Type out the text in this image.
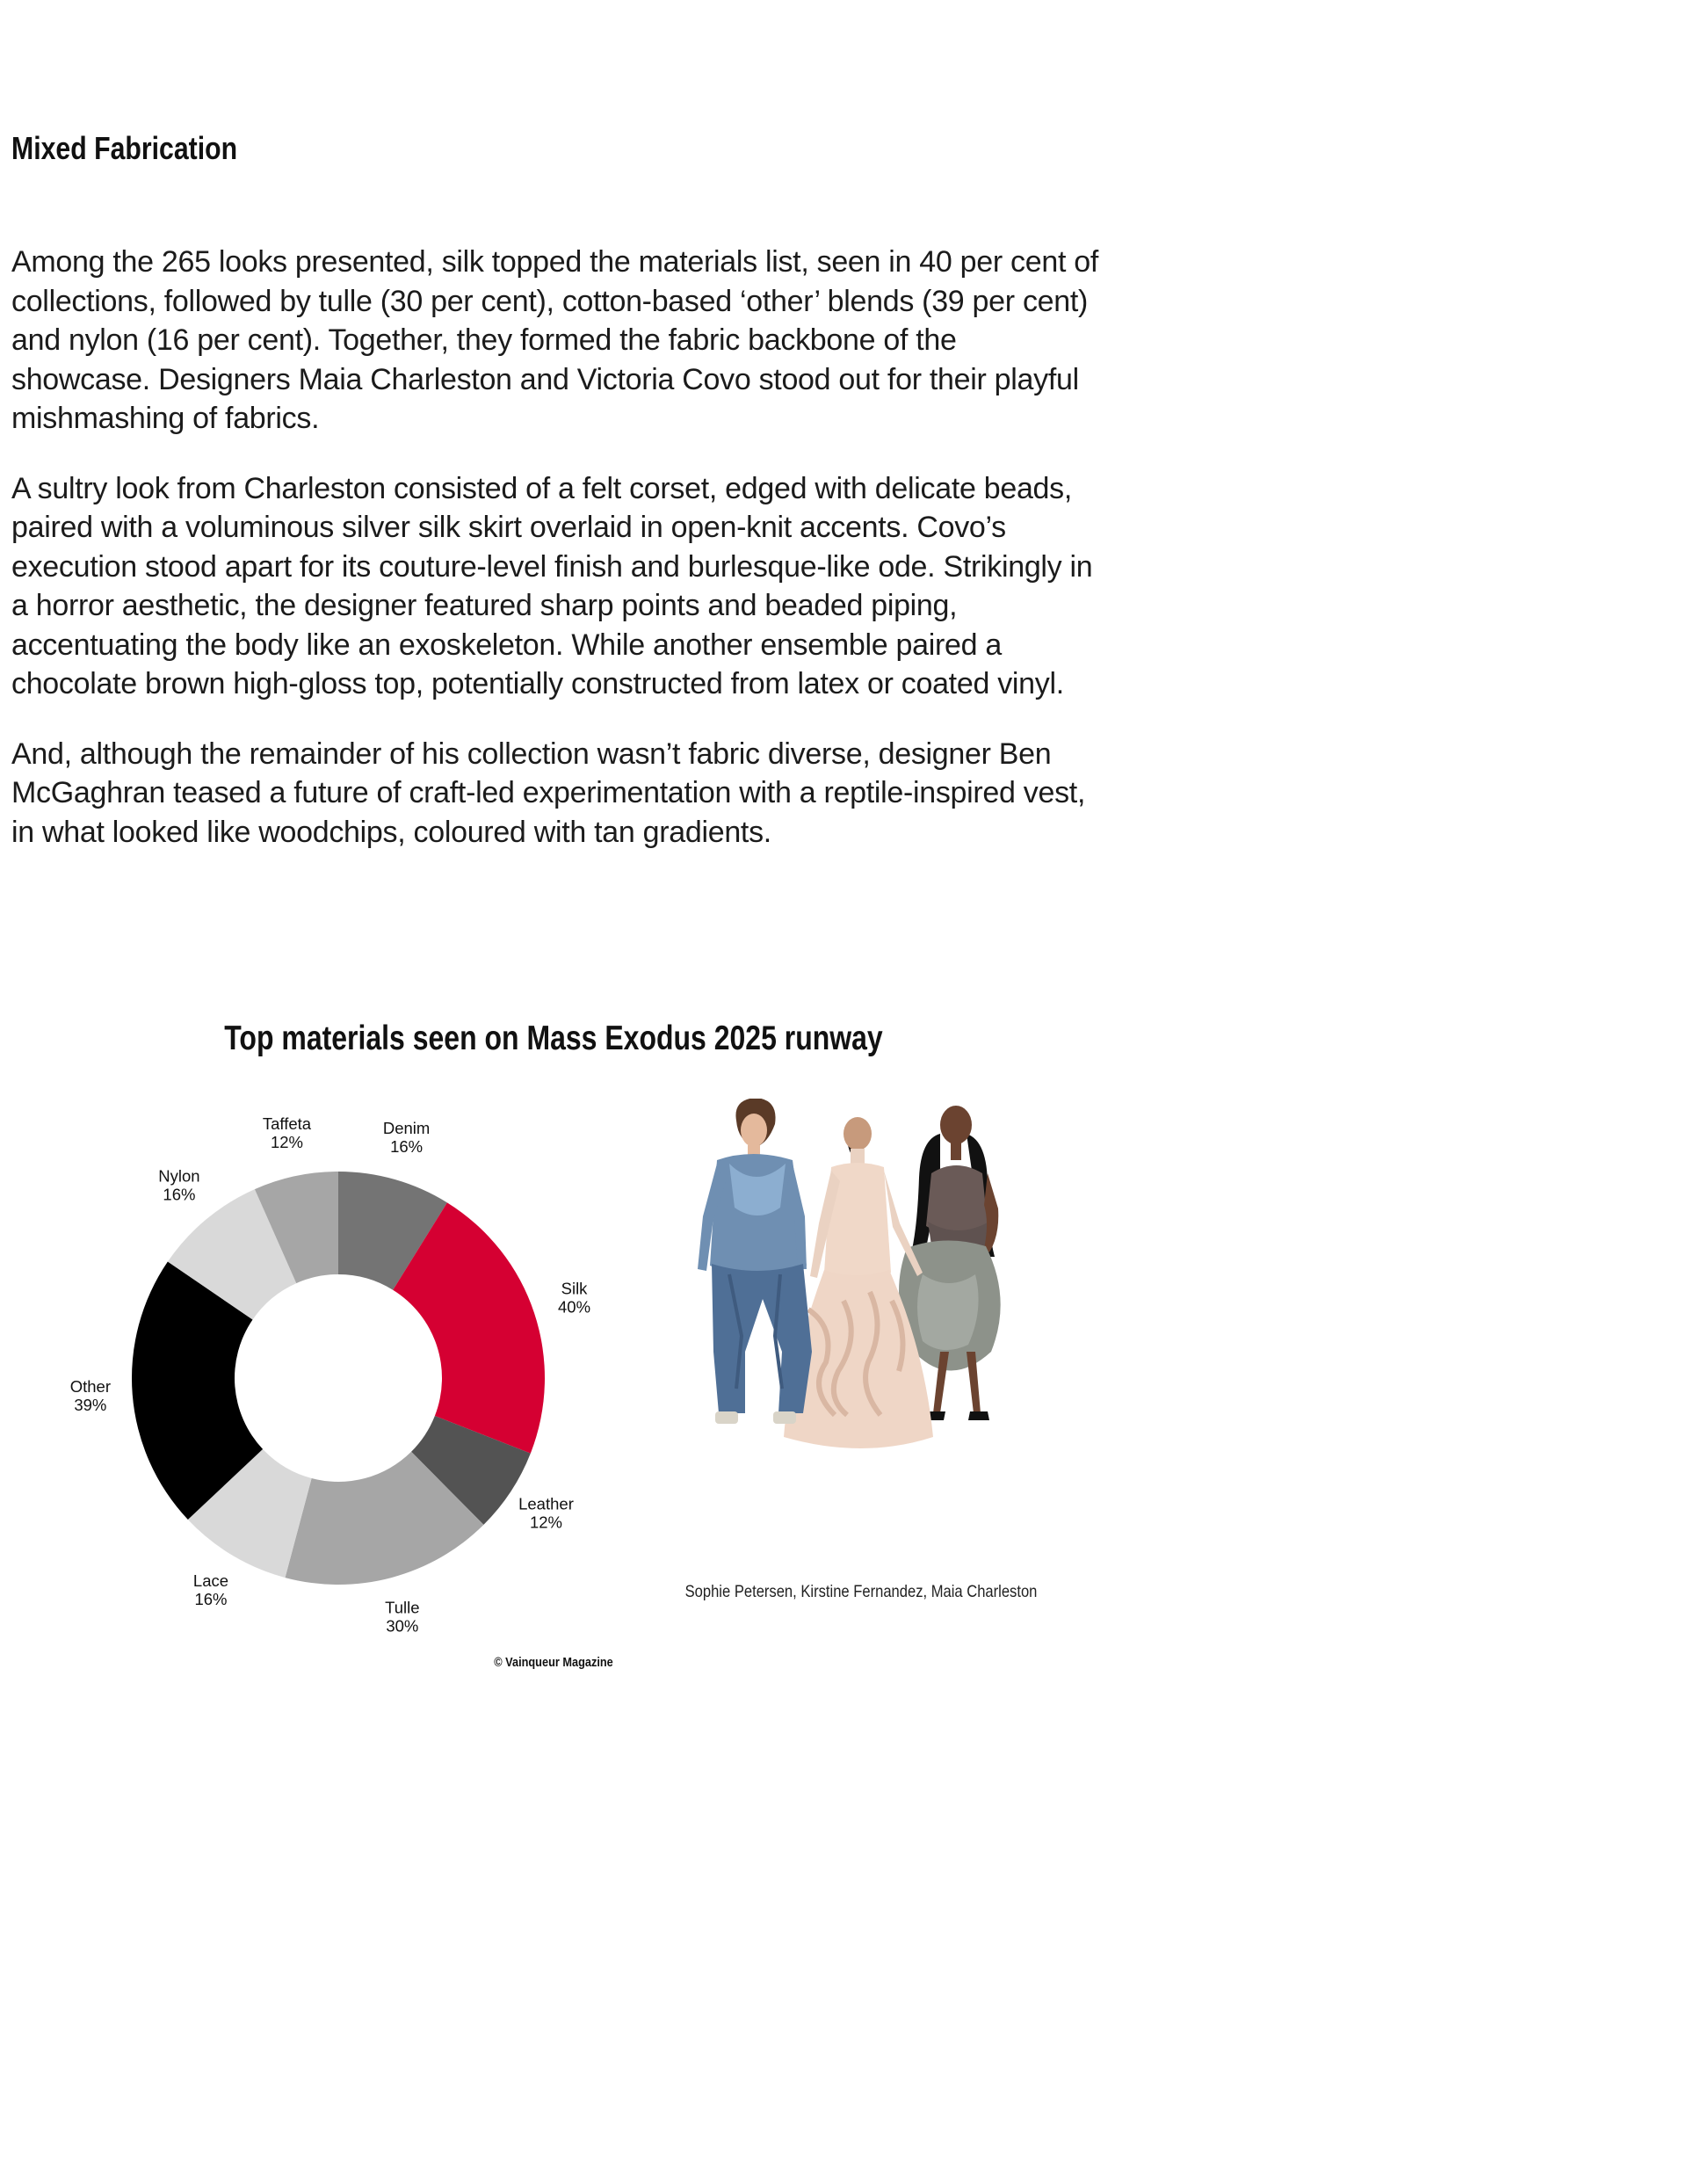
Mixed Fabrication

Among the 265 looks presented, silk topped the materials list, seen in 40 per cent of collections, followed by tulle (30 per cent), cotton-based ‘other’ blends (39 per cent) and nylon (16 per cent). Together, they formed the fabric backbone of the showcase. Designers Maia Charleston and Victoria Covo stood out for their playful mishmashing of fabrics.

A sultry look from Charleston consisted of a felt corset, edged with delicate beads, paired with a voluminous silver silk skirt overlaid in open-knit accents. Covo’s execution stood apart for its couture-level finish and burlesque-like ode. Strikingly in a horror aesthetic, the designer featured sharp points and beaded piping, accentuating the body like an exoskeleton. While another ensemble paired a chocolate brown high-gloss top, potentially constructed from latex or coated vinyl.

And, although the remainder of his collection wasn’t fabric diverse, designer Ben McGaghran teased a future of craft-led experimentation with a reptile-inspired vest, in what looked like woodchips, coloured with tan gradients.

Top materials seen on Mass Exodus 2025 runway
Denim 16%
Silk 40%
Leather 12%
Tulle 30%
Lace 16%
Other 39%
Nylon 16%
Taffeta 12%
Sophie Petersen, Kirstine Fernandez, Maia Charleston
© Vainqueur Magazine
